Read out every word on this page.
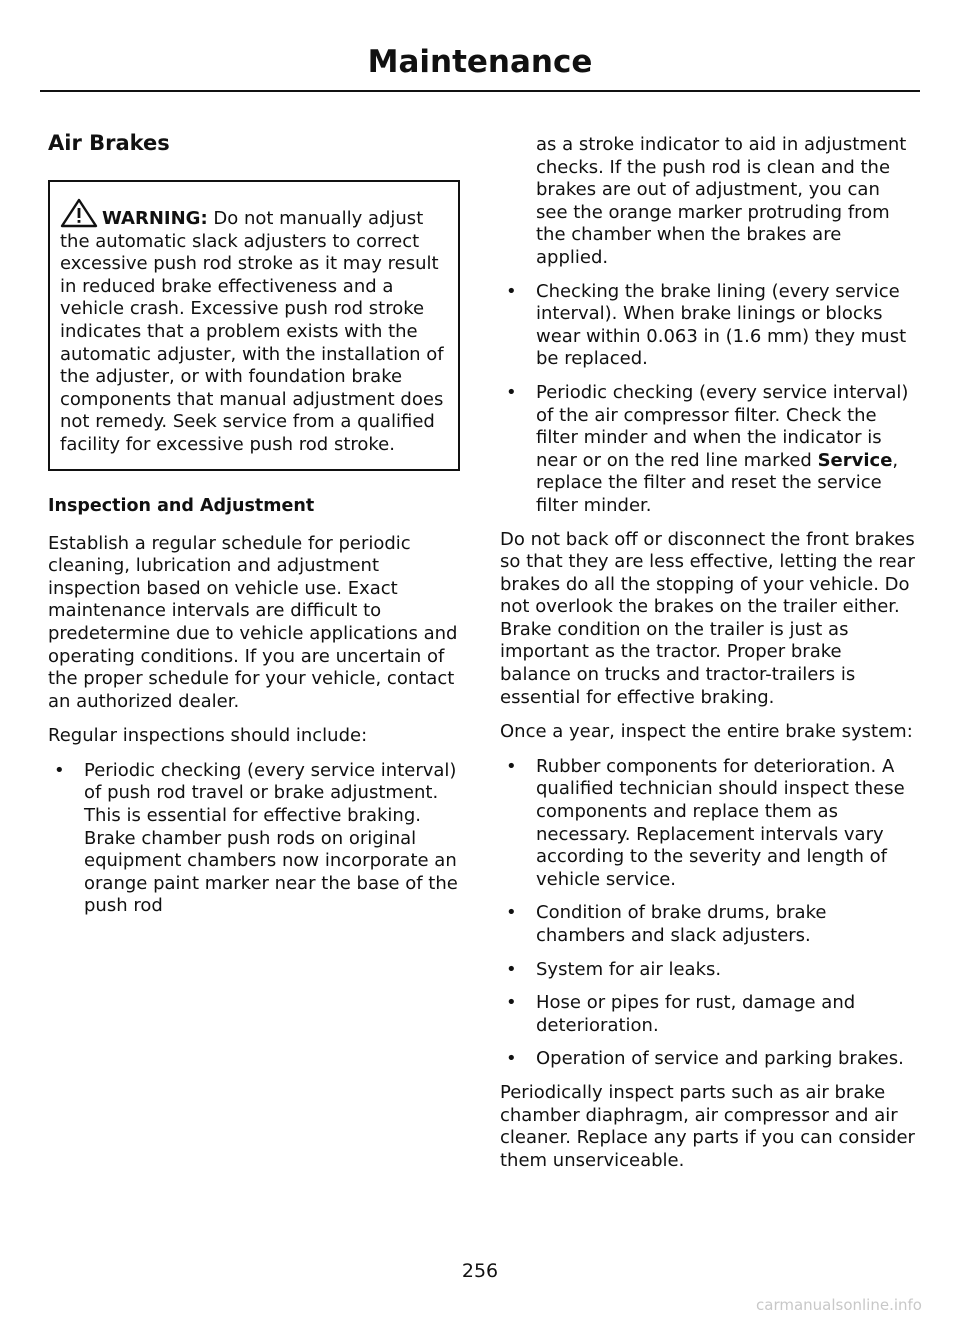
Maintenance
Air Brakes
WARNING: Do not manually adjust the automatic slack adjusters to correct excessive push rod stroke as it may result in reduced brake effectiveness and a vehicle crash. Excessive push rod stroke indicates that a problem exists with the automatic adjuster, with the installation of the adjuster, or with foundation brake components that manual adjustment does not remedy. Seek service from a qualified facility for excessive push rod stroke.
Inspection and Adjustment

Establish a regular schedule for periodic cleaning, lubrication and adjustment inspection based on vehicle use. Exact maintenance intervals are difficult to predetermine due to vehicle applications and operating conditions. If you are uncertain of the proper schedule for your vehicle, contact an authorized dealer.

Regular inspections should include:

• Periodic checking (every service interval) of push rod travel or brake adjustment. This is essential for effective braking. Brake chamber push rods on original equipment chambers now incorporate an orange paint marker near the base of the push rod
as a stroke indicator to aid in adjustment checks. If the push rod is clean and the brakes are out of adjustment, you can see the orange marker protruding from the chamber when the brakes are applied.
• Checking the brake lining (every service interval). When brake linings or blocks wear within 0.063 in (1.6 mm) they must be replaced.
• Periodic checking (every service interval) of the air compressor filter. Check the filter minder and when the indicator is near or on the red line marked Service, replace the filter and reset the service filter minder.

Do not back off or disconnect the front brakes so that they are less effective, letting the rear brakes do all the stopping of your vehicle. Do not overlook the brakes on the trailer either. Brake condition on the trailer is just as important as the tractor. Proper brake balance on trucks and tractor-trailers is essential for effective braking.

Once a year, inspect the entire brake system:

• Rubber components for deterioration. A qualified technician should inspect these components and replace them as necessary. Replacement intervals vary according to the severity and length of vehicle service.
• Condition of brake drums, brake chambers and slack adjusters.
• System for air leaks.
• Hose or pipes for rust, damage and deterioration.
• Operation of service and parking brakes.

Periodically inspect parts such as air brake chamber diaphragm, air compressor and air cleaner. Replace any parts if you can consider them unserviceable.

256
carmanualsonline.info
